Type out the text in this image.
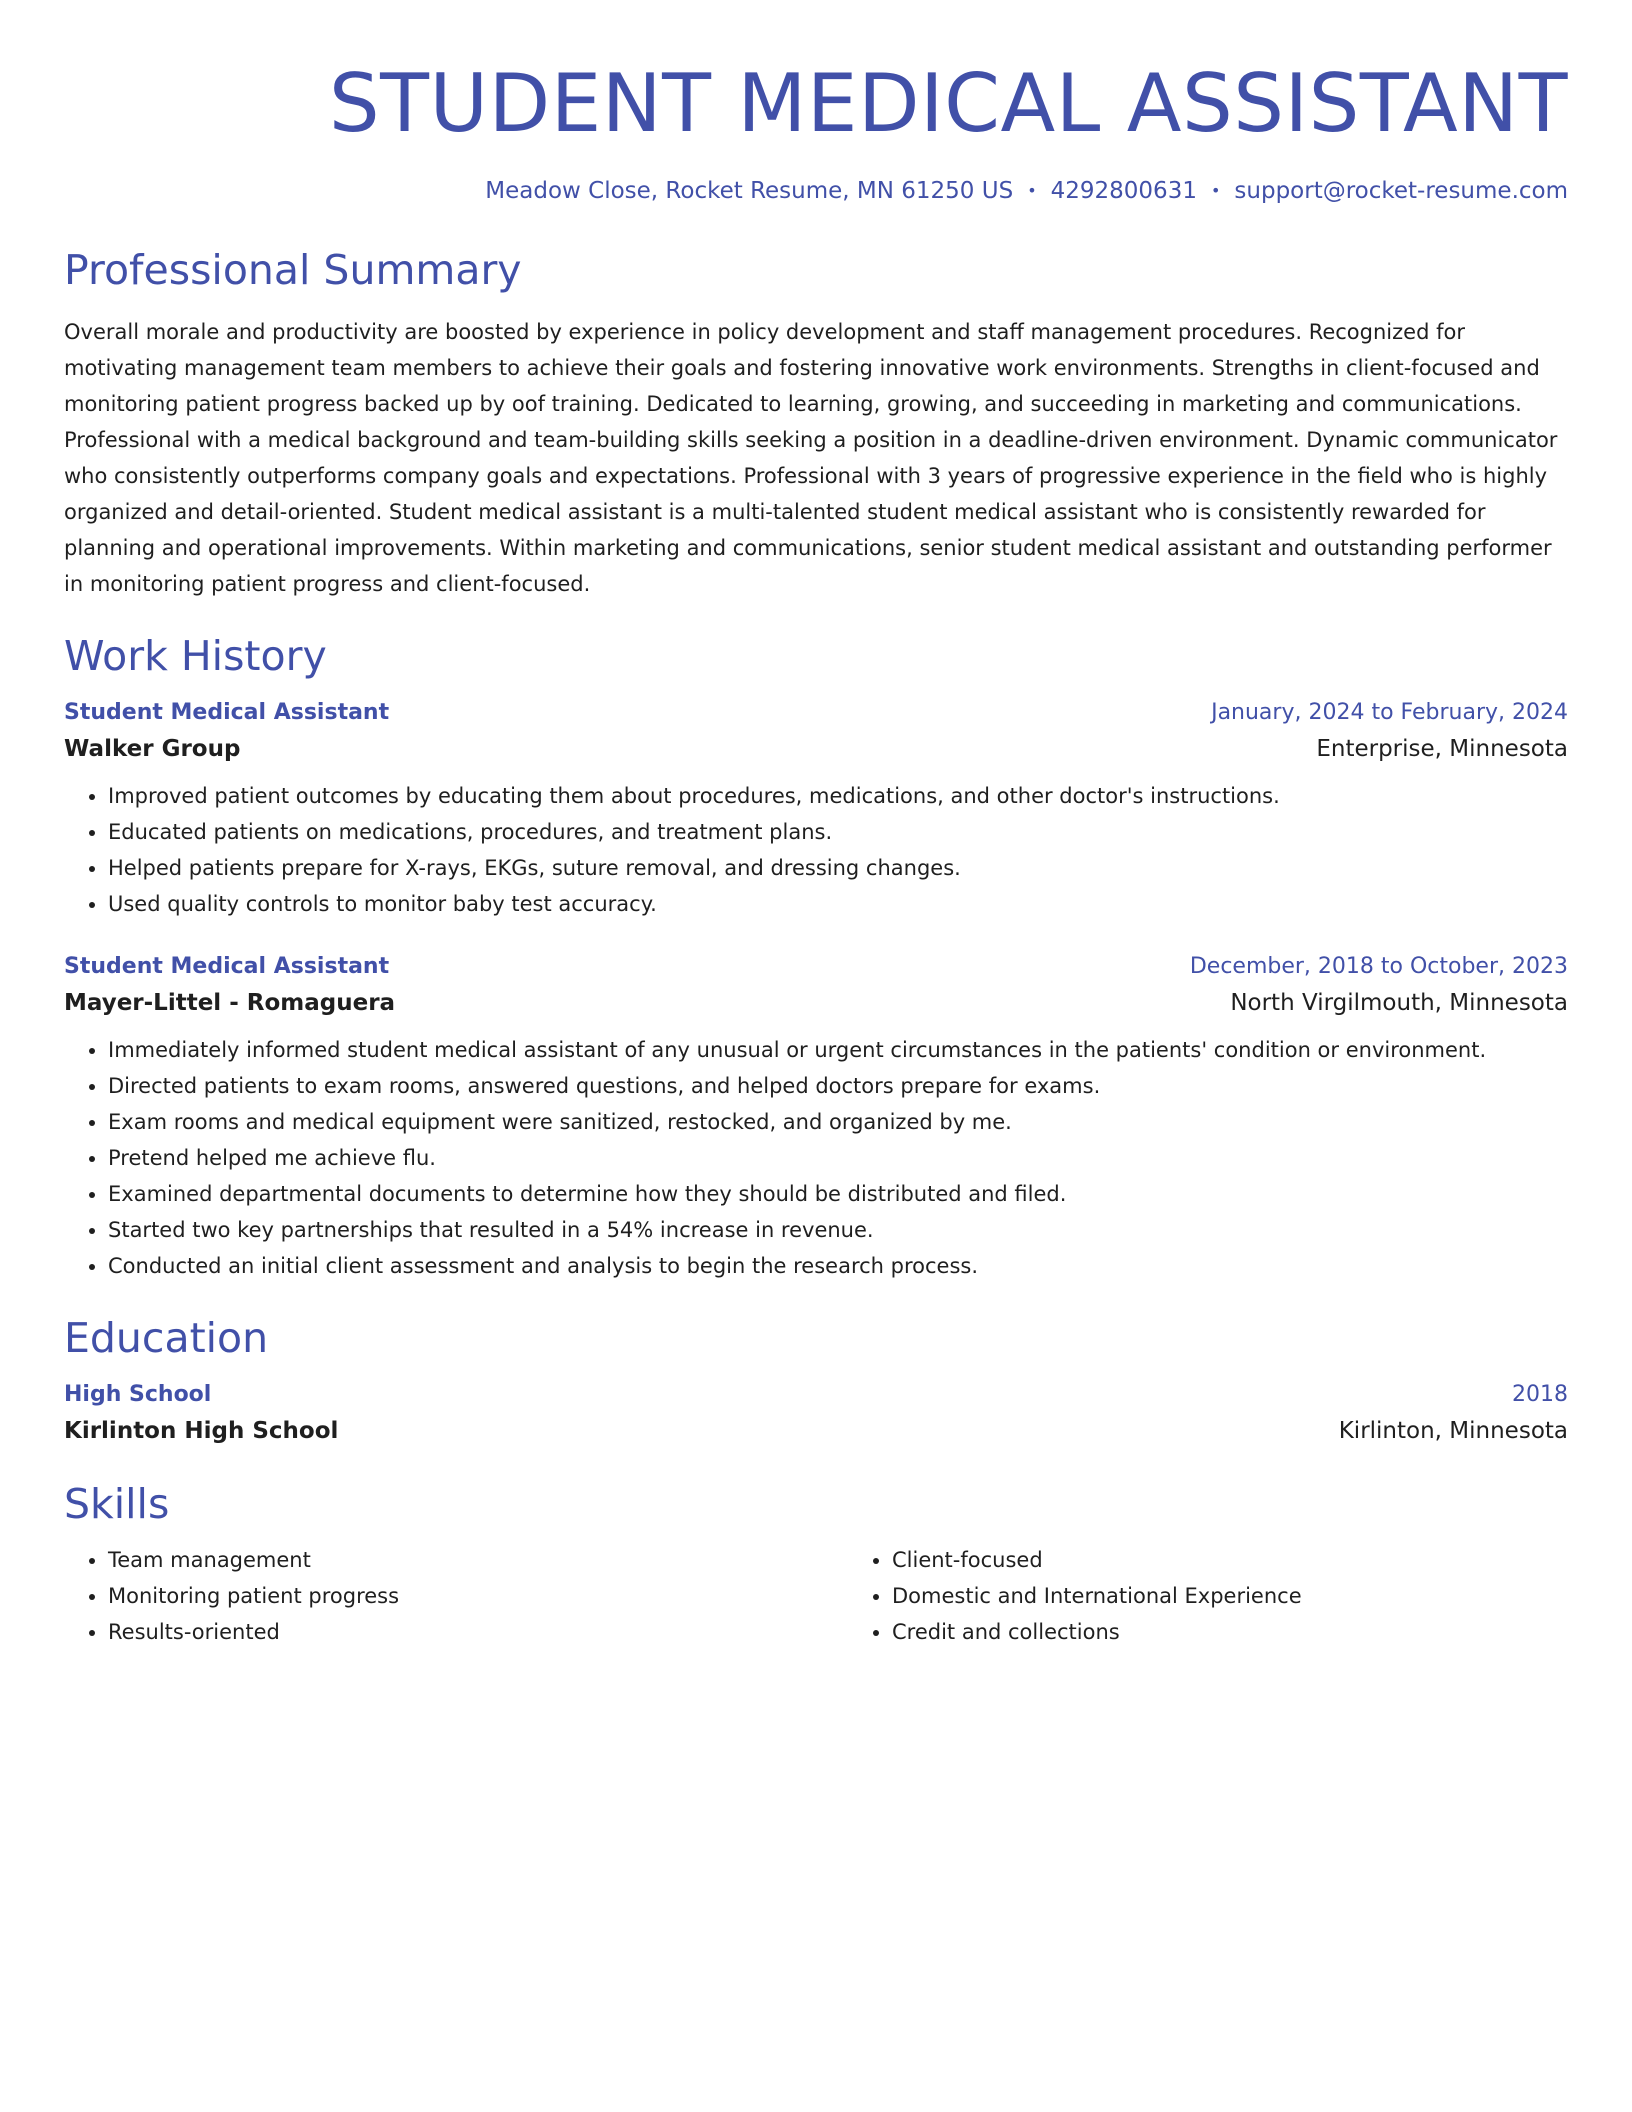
STUDENT MEDICAL ASSISTANT
Meadow Close, Rocket Resume, MN 61250 US • 4292800631 • support@rocket-resume.com
Professional Summary

Overall morale and productivity are boosted by experience in policy development and staff management procedures. Recognized for motivating management team members to achieve their goals and fostering innovative work environments. Strengths in client-focused and monitoring patient progress backed up by oof training. Dedicated to learning, growing, and succeeding in marketing and communications. Professional with a medical background and team-building skills seeking a position in a deadline-driven environment. Dynamic communicator who consistently outperforms company goals and expectations. Professional with 3 years of progressive experience in the field who is highly organized and detail-oriented. Student medical assistant is a multi-talented student medical assistant who is consistently rewarded for planning and operational improvements. Within marketing and communications, senior student medical assistant and outstanding performer in monitoring patient progress and client-focused.

Work History
Student Medical Assistant	January, 2024 to February, 2024
Walker Group	Enterprise, Minnesota
• Improved patient outcomes by educating them about procedures, medications, and other doctor's instructions.
• Educated patients on medications, procedures, and treatment plans.
• Helped patients prepare for X-rays, EKGs, suture removal, and dressing changes.
• Used quality controls to monitor baby test accuracy.
Student Medical Assistant	December, 2018 to October, 2023
Mayer-Littel - Romaguera	North Virgilmouth, Minnesota
• Immediately informed student medical assistant of any unusual or urgent circumstances in the patients' condition or environment.
• Directed patients to exam rooms, answered questions, and helped doctors prepare for exams.
• Exam rooms and medical equipment were sanitized, restocked, and organized by me.
• Pretend helped me achieve flu.
• Examined departmental documents to determine how they should be distributed and filed.
• Started two key partnerships that resulted in a 54% increase in revenue.
• Conducted an initial client assessment and analysis to begin the research process.
Education
High School	2018
Kirlinton High School	Kirlinton, Minnesota
Skills
• Team management
• Monitoring patient progress
• Results-oriented
• Client-focused
• Domestic and International Experience
• Credit and collections
